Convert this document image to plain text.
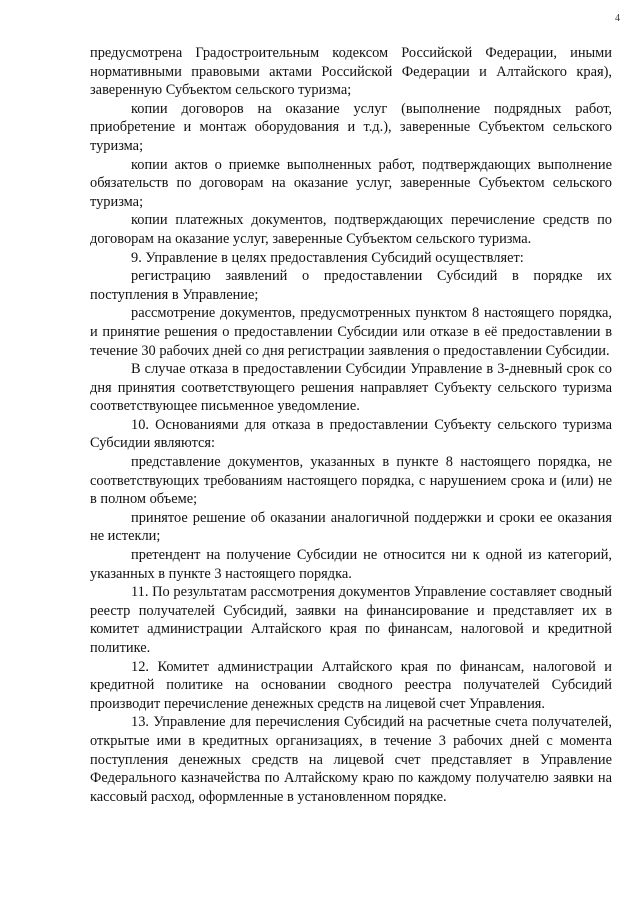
4

предусмотрена Градостроительным кодексом Российской Федерации, иными нормативными правовыми актами Российской Федерации и Алтайского края), заверенную Субъектом сельского туризма;

копии договоров на оказание услуг (выполнение подрядных работ, приобретение и монтаж оборудования и т.д.), заверенные Субъектом сельского туризма;

копии актов о приемке выполненных работ, подтверждающих выполнение обязательств по договорам на оказание услуг, заверенные Субъектом сельского туризма;

копии платежных документов, подтверждающих перечисление средств по договорам на оказание услуг, заверенные Субъектом сельского туризма.

9. Управление в целях предоставления Субсидий осуществляет:

регистрацию заявлений о предоставлении Субсидий в порядке их поступления в Управление;

рассмотрение документов, предусмотренных пунктом 8 настоящего порядка, и принятие решения о предоставлении Субсидии или отказе в её предоставлении в течение 30 рабочих дней со дня регистрации заявления о предоставлении Субсидии.

В случае отказа в предоставлении Субсидии Управление в 3-дневный срок со дня принятия соответствующего решения направляет Субъекту сельского туризма соответствующее письменное уведомление.

10. Основаниями для отказа в предоставлении Субъекту сельского туризма Субсидии являются:

представление документов, указанных в пункте 8 настоящего порядка, не соответствующих требованиям настоящего порядка, с нарушением срока и (или) не в полном объеме;

принятое решение об оказании аналогичной поддержки и сроки ее оказания не истекли;

претендент на получение Субсидии не относится ни к одной из категорий, указанных в пункте 3 настоящего порядка.

11. По результатам рассмотрения документов Управление составляет сводный реестр получателей Субсидий, заявки на финансирование и представляет их в комитет администрации Алтайского края по финансам, налоговой и кредитной политике.

12. Комитет администрации Алтайского края по финансам, налоговой и кредитной политике на основании сводного реестра получателей Субсидий производит перечисление денежных средств на лицевой счет Управления.

13. Управление для перечисления Субсидий на расчетные счета получателей, открытые ими в кредитных организациях, в течение 3 рабочих дней с момента поступления денежных средств на лицевой счет представляет в Управление Федерального казначейства по Алтайскому краю по каждому получателю заявки на кассовый расход, оформленные в установленном порядке.
